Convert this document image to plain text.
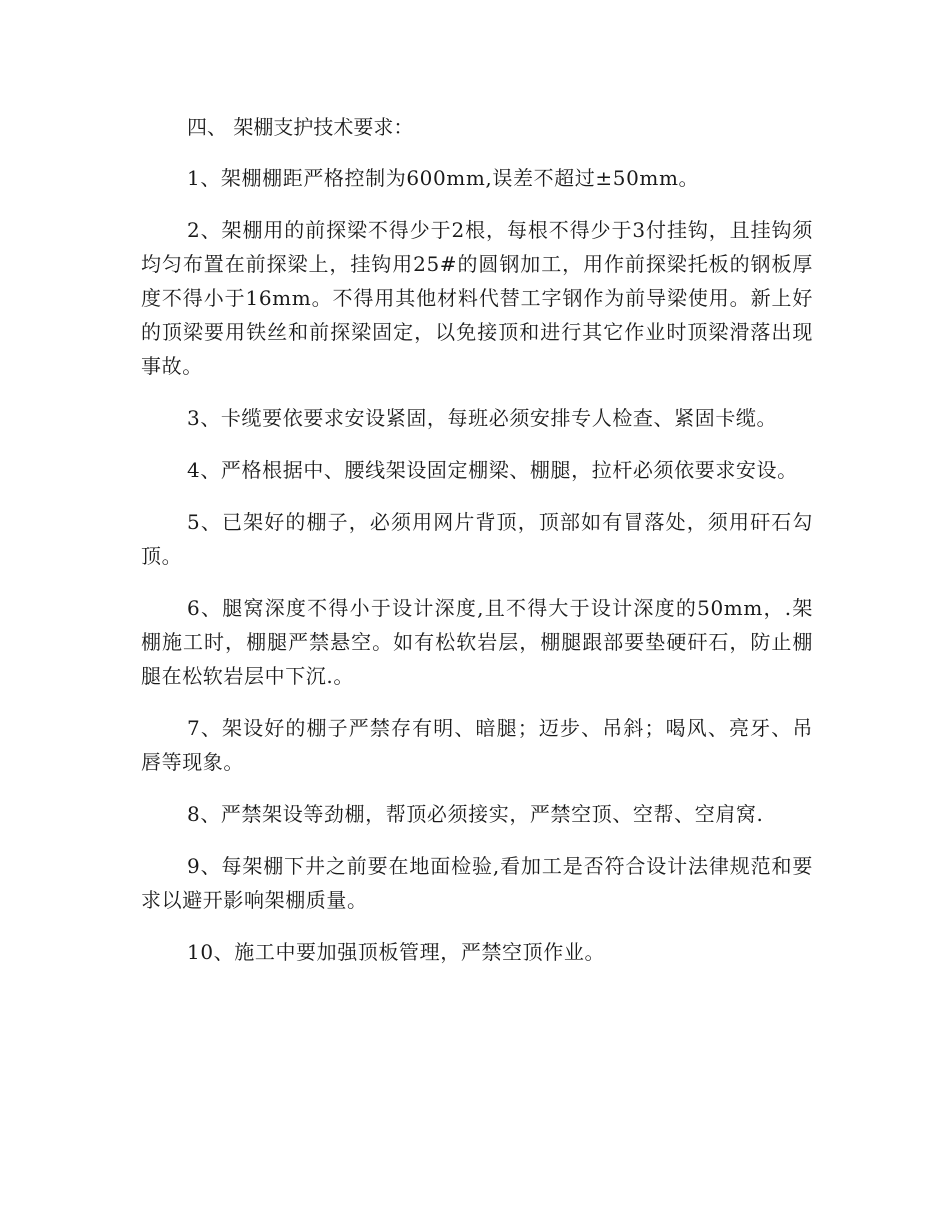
四、 架棚支护技术要求：

1、架棚棚距严格控制为600mm,误差不超过±50mm。

2、架棚用的前探梁不得少于2根，每根不得少于3付挂钩，且挂钩须均匀布置在前探梁上，挂钩用25#的圆钢加工，用作前探梁托板的钢板厚度不得小于16mm。不得用其他材料代替工字钢作为前导梁使用。新上好的顶梁要用铁丝和前探梁固定，以免接顶和进行其它作业时顶梁滑落出现事故。

3、卡缆要依要求安设紧固，每班必须安排专人检查、紧固卡缆。

4、严格根据中、腰线架设固定棚梁、棚腿，拉杆必须依要求安设。

5、已架好的棚子，必须用网片背顶，顶部如有冒落处，须用矸石勾顶。

6、腿窝深度不得小于设计深度,且不得大于设计深度的50mm，.架棚施工时，棚腿严禁悬空。如有松软岩层，棚腿跟部要垫硬矸石，防止棚腿在松软岩层中下沉.。

7、架设好的棚子严禁存有明、暗腿；迈步、吊斜；喝风、亮牙、吊唇等现象。

8、严禁架设等劲棚，帮顶必须接实，严禁空顶、空帮、空肩窝.

9、每架棚下井之前要在地面检验,看加工是否符合设计法律规范和要求以避开影响架棚质量。

10、施工中要加强顶板管理，严禁空顶作业。
